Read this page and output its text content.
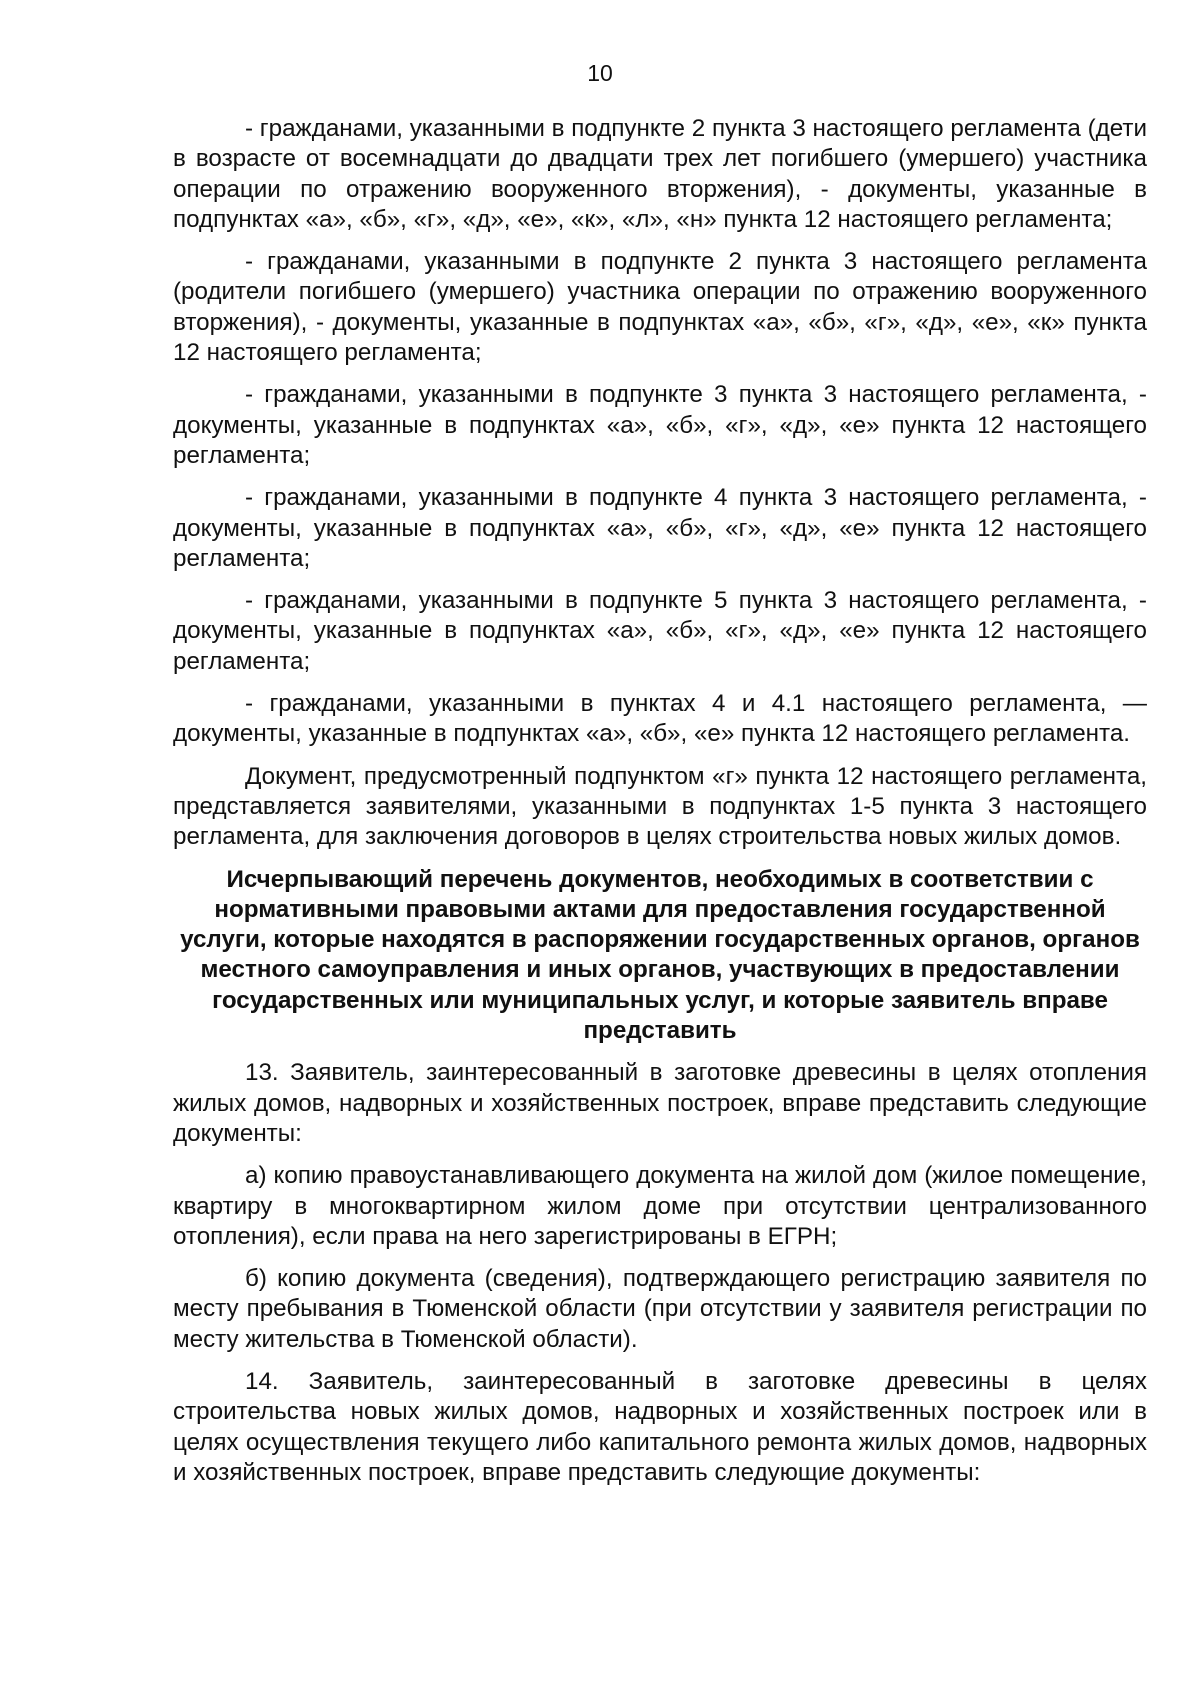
10

- гражданами, указанными в подпункте 2 пункта 3 настоящего регламента (дети в возрасте от восемнадцати до двадцати трех лет погибшего (умершего) участника операции по отражению вооруженного вторжения), - документы, указанные в подпунктах «а», «б», «г», «д», «е», «к», «л», «н» пункта 12 настоящего регламента;

- гражданами, указанными в подпункте 2 пункта 3 настоящего регламента (родители погибшего (умершего) участника операции по отражению вооруженного вторжения), - документы, указанные в подпунктах «а», «б», «г», «д», «е», «к» пункта 12 настоящего регламента;

- гражданами, указанными в подпункте 3 пункта 3 настоящего регламента, - документы, указанные в подпунктах «а», «б», «г», «д», «е» пункта 12 настоящего регламента;

- гражданами, указанными в подпункте 4 пункта 3 настоящего регламента, - документы, указанные в подпунктах «а», «б», «г», «д», «е» пункта 12 настоящего регламента;

- гражданами, указанными в подпункте 5 пункта 3 настоящего регламента, - документы, указанные в подпунктах «а», «б», «г», «д», «е» пункта 12 настоящего регламента;

- гражданами, указанными в пунктах 4 и 4.1 настоящего регламента, — документы, указанные в подпунктах «а», «б», «е» пункта 12 настоящего регламента.

Документ, предусмотренный подпунктом «г» пункта 12 настоящего регламента, представляется заявителями, указанными в подпунктах 1-5 пункта 3 настоящего регламента, для заключения договоров в целях строительства новых жилых домов.

Исчерпывающий перечень документов, необходимых в соответствии с нормативными правовыми актами для предоставления государственной услуги, которые находятся в распоряжении государственных органов, органов местного самоуправления и иных органов, участвующих в предоставлении государственных или муниципальных услуг, и которые заявитель вправе представить

13. Заявитель, заинтересованный в заготовке древесины в целях отопления жилых домов, надворных и хозяйственных построек, вправе представить следующие документы:

а) копию правоустанавливающего документа на жилой дом (жилое помещение, квартиру в многоквартирном жилом доме при отсутствии централизованного отопления), если права на него зарегистрированы в ЕГРН;

б) копию документа (сведения), подтверждающего регистрацию заявителя по месту пребывания в Тюменской области (при отсутствии у заявителя регистрации по месту жительства в Тюменской области).

14. Заявитель, заинтересованный в заготовке древесины в целях строительства новых жилых домов, надворных и хозяйственных построек или в целях осуществления текущего либо капитального ремонта жилых домов, надворных и хозяйственных построек, вправе представить следующие документы:
